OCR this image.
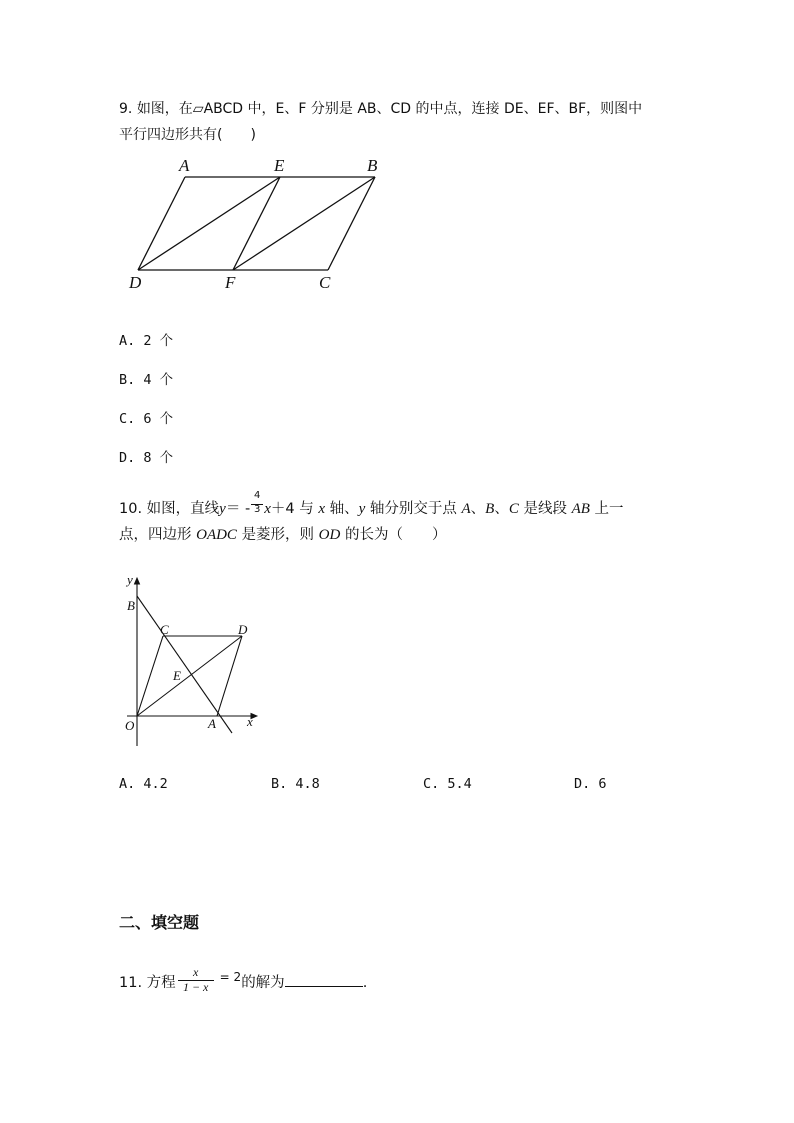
9. 如图，在▱ABCD 中，E、F 分别是 AB、CD 的中点，连接 DE、EF、BF，则图中
平行四边形共有(　　)
A	E	B
D	F	C
A. 2 个
B. 4 个
C. 6 个
D. 8 个
10. 如图，直线$y= - \frac{4}{3} x+4$ 与 x 轴、y 轴分别交于点 A、B、C 是线段 AB 上一
点，四边形 OADC 是菱形，则 OD 的长为（　　）
y
B
C	D
E
O	A x
A. 4.2	B. 4.8	C. 5.4	D. 6
二、填空题
11. 方程 $\frac{x}{1 - x} ^{= 2}$的解为	.
